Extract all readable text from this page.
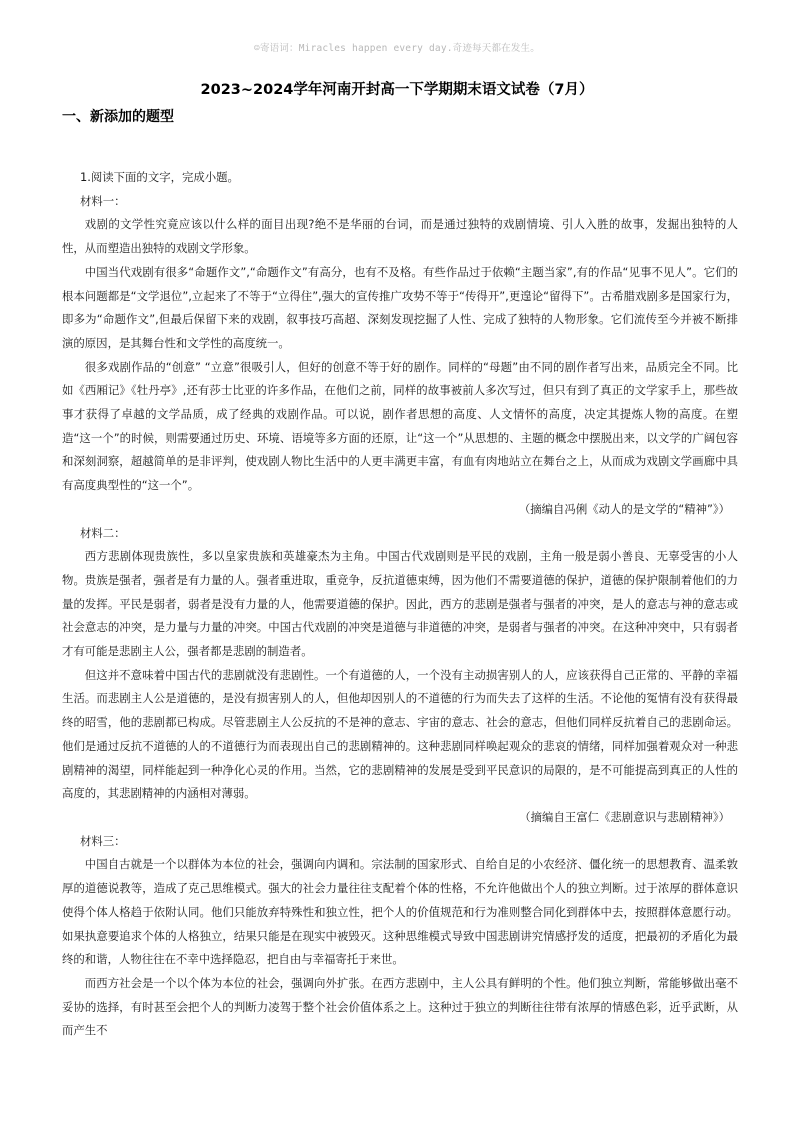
☺寄语词：Miracles happen every day.奇迹每天都在发生。
2023~2024学年河南开封高一下学期期末语文试卷（7月）
一、新添加的题型

1.阅读下面的文字，完成小题。

材料一：

戏剧的文学性究竟应该以什么样的面目出现?绝不是华丽的台词，而是通过独特的戏剧情境、引人入胜的故事，发掘出独特的人性，从而塑造出独特的戏剧文学形象。

中国当代戏剧有很多“命题作文”,“命题作文”有高分，也有不及格。有些作品过于依赖“主题当家”,有的作品“见事不见人”。它们的根本问题都是“文学退位”,立起来了不等于“立得住”,强大的宣传推广攻势不等于“传得开”,更遑论“留得下”。古希腊戏剧多是国家行为，即多为“命题作文”,但最后保留下来的戏剧，叙事技巧高超、深刻发现挖掘了人性、完成了独特的人物形象。它们流传至今并被不断排演的原因，是其舞台性和文学性的高度统一。

很多戏剧作品的“创意” “立意”很吸引人，但好的创意不等于好的剧作。同样的“母题”由不同的剧作者写出来，品质完全不同。比如《西厢记》《牡丹亭》,还有莎士比亚的许多作品，在他们之前，同样的故事被前人多次写过，但只有到了真正的文学家手上，那些故事才获得了卓越的文学品质，成了经典的戏剧作品。可以说，剧作者思想的高度、人文情怀的高度，决定其提炼人物的高度。在塑造“这一个”的时候，则需要通过历史、环境、语境等多方面的还原，让“这一个”从思想的、主题的概念中摆脱出来，以文学的广阔包容和深刻洞察，超越简单的是非评判，使戏剧人物比生活中的人更丰满更丰富，有血有肉地站立在舞台之上，从而成为戏剧文学画廊中具有高度典型性的“这一个”。

（摘编自冯俐《动人的是文学的“精神”》）

材料二：

西方悲剧体现贵族性，多以皇家贵族和英雄豪杰为主角。中国古代戏剧则是平民的戏剧，主角一般是弱小善良、无辜受害的小人物。贵族是强者，强者是有力量的人。强者重进取，重竞争，反抗道德束缚，因为他们不需要道德的保护，道德的保护限制着他们的力量的发挥。平民是弱者，弱者是没有力量的人，他需要道德的保护。因此，西方的悲剧是强者与强者的冲突，是人的意志与神的意志或社会意志的冲突，是力量与力量的冲突。中国古代戏剧的冲突是道德与非道德的冲突，是弱者与强者的冲突。在这种冲突中，只有弱者才有可能是悲剧主人公，强者都是悲剧的制造者。

但这并不意味着中国古代的悲剧就没有悲剧性。一个有道德的人，一个没有主动损害别人的人，应该获得自己正常的、平静的幸福生活。而悲剧主人公是道德的，是没有损害别人的人，但他却因别人的不道德的行为而失去了这样的生活。不论他的冤情有没有获得最终的昭雪，他的悲剧都已构成。尽管悲剧主人公反抗的不是神的意志、宇宙的意志、社会的意志，但他们同样反抗着自己的悲剧命运。他们是通过反抗不道德的人的不道德行为而表现出自己的悲剧精神的。这种悲剧同样唤起观众的悲哀的情绪，同样加强着观众对一种悲剧精神的渴望，同样能起到一种净化心灵的作用。当然，它的悲剧精神的发展是受到平民意识的局限的，是不可能提高到真正的人性的高度的，其悲剧精神的内涵相对薄弱。

（摘编自王富仁《悲剧意识与悲剧精神》）

材料三：

中国自古就是一个以群体为本位的社会，强调向内调和。宗法制的国家形式、自给自足的小农经济、僵化统一的思想教育、温柔敦厚的道德说教等，造成了克己思维模式。强大的社会力量往往支配着个体的性格，不允许他做出个人的独立判断。过于浓厚的群体意识使得个体人格趋于依附认同。他们只能放弃特殊性和独立性，把个人的价值规范和行为准则整合同化到群体中去，按照群体意愿行动。如果执意要追求个体的人格独立，结果只能是在现实中被毁灭。这种思维模式导致中国悲剧讲究情感抒发的适度，把最初的矛盾化为最终的和谐，人物往往在不幸中选择隐忍，把自由与幸福寄托于来世。

而西方社会是一个以个体为本位的社会，强调向外扩张。在西方悲剧中，主人公具有鲜明的个性。他们独立判断，常能够做出毫不妥协的选择，有时甚至会把个人的判断力凌驾于整个社会价值体系之上。这种过于独立的判断往往带有浓厚的情感色彩，近乎武断，从而产生不
